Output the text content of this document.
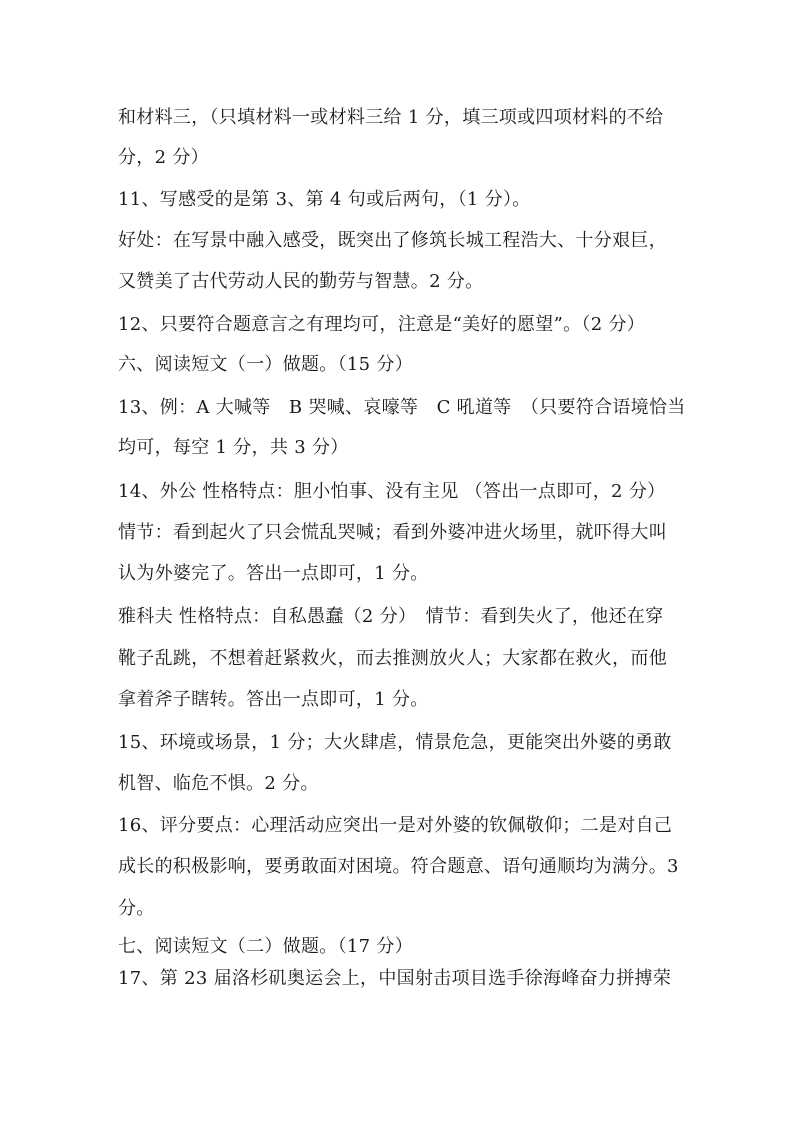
和材料三，（只填材料一或材料三给 1 分，填三项或四项材料的不给
分，2 分）
11、写感受的是第 3、第 4 句或后两句，（1 分）。
好处：在写景中融入感受，既突出了修筑长城工程浩大、十分艰巨，
又赞美了古代劳动人民的勤劳与智慧。2 分。
12、只要符合题意言之有理均可，注意是“美好的愿望”。（2 分）
六、阅读短文（一）做题。（15 分）
13、例：A 大喊等　B 哭喊、哀嚎等　C 吼道等　（只要符合语境恰当
均可，每空 1 分，共 3 分）
14、外公 性格特点：胆小怕事、没有主见 （答出一点即可，2 分）
情节：看到起火了只会慌乱哭喊；看到外婆冲进火场里，就吓得大叫
认为外婆完了。答出一点即可，1 分。
雅科夫 性格特点：自私愚蠢（2 分）　情节：看到失火了，他还在穿
靴子乱跳，不想着赶紧救火，而去推测放火人；大家都在救火，而他
拿着斧子瞎转。答出一点即可，1 分。
15、环境或场景，1 分；大火肆虐，情景危急，更能突出外婆的勇敢
机智、临危不惧。2 分。
16、评分要点：心理活动应突出一是对外婆的钦佩敬仰；二是对自己
成长的积极影响，要勇敢面对困境。符合题意、语句通顺均为满分。3
分。
七、阅读短文（二）做题。（17 分）
17、第 23 届洛杉矶奥运会上，中国射击项目选手徐海峰奋力拼搏荣
